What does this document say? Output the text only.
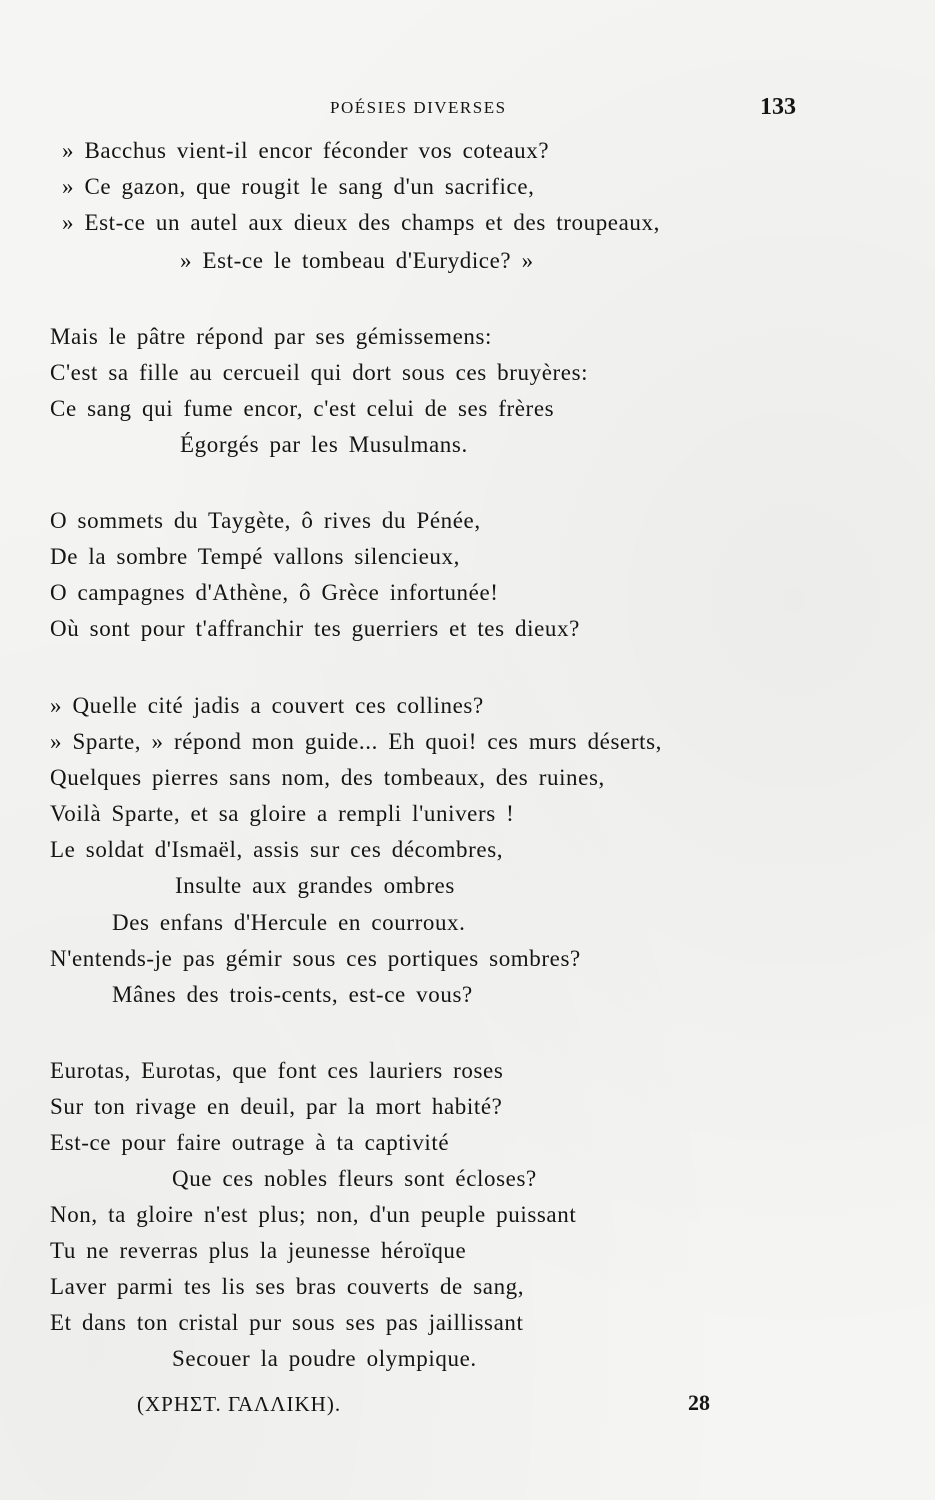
POÉSIES DIVERSES	133
» Bacchus vient-il encor féconder vos coteaux?
» Ce gazon, que rougit le sang d'un sacrifice,
» Est-ce un autel aux dieux des champs et des troupeaux,
» Est-ce le tombeau d'Eurydice? »
Mais le pâtre répond par ses gémissemens:
C'est sa fille au cercueil qui dort sous ces bruyères:
Ce sang qui fume encor, c'est celui de ses frères
Égorgés par les Musulmans.
O sommets du Taygète, ô rives du Pénée,
De la sombre Tempé vallons silencieux,
O campagnes d'Athène, ô Grèce infortunée!
Où sont pour t'affranchir tes guerriers et tes dieux?
» Quelle cité jadis a couvert ces collines?
» Sparte, » répond mon guide... Eh quoi! ces murs déserts,
Quelques pierres sans nom, des tombeaux, des ruines,
Voilà Sparte, et sa gloire a rempli l'univers !
Le soldat d'Ismaël, assis sur ces décombres,
Insulte aux grandes ombres
Des enfans d'Hercule en courroux.
N'entends-je pas gémir sous ces portiques sombres?
Mânes des trois-cents, est-ce vous?
Eurotas, Eurotas, que font ces lauriers roses
Sur ton rivage en deuil, par la mort habité?
Est-ce pour faire outrage à ta captivité
Que ces nobles fleurs sont écloses?
Non, ta gloire n'est plus; non, d'un peuple puissant
Tu ne reverras plus la jeunesse héroïque
Laver parmi tes lis ses bras couverts de sang,
Et dans ton cristal pur sous ses pas jaillissant
Secouer la poudre olympique.
(ΧΡΗΣΤ. ΓΑΛΛΙΚΗ).	28
